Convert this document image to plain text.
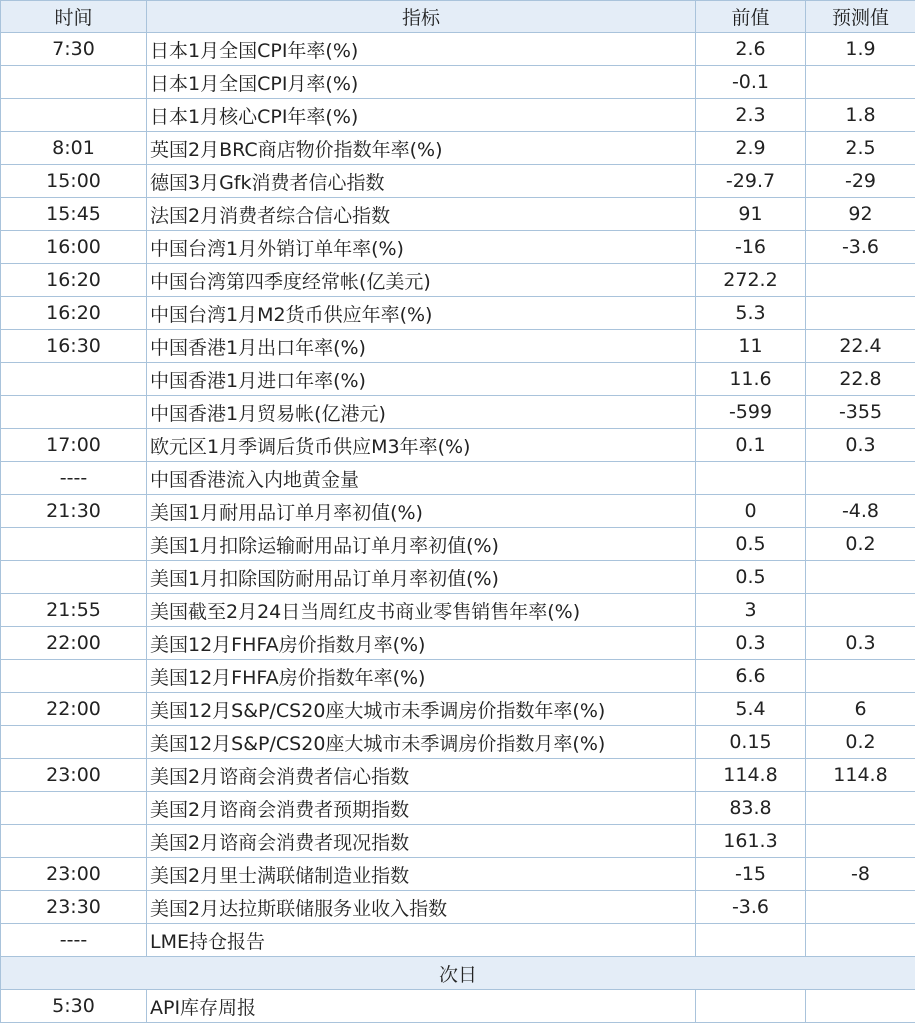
时间	指标	前值	预测值
7:30	日本1月全国CPI年率(%)	2.6	1.9
	日本1月全国CPI月率(%)	-0.1	
	日本1月核心CPI年率(%)	2.3	1.8
8:01	英国2月BRC商店物价指数年率(%)	2.9	2.5
15:00	德国3月Gfk消费者信心指数	-29.7	-29
15:45	法国2月消费者综合信心指数	91	92
16:00	中国台湾1月外销订单年率(%)	-16	-3.6
16:20	中国台湾第四季度经常帐(亿美元)	272.2	
16:20	中国台湾1月M2货币供应年率(%)	5.3	
16:30	中国香港1月出口年率(%)	11	22.4
	中国香港1月进口年率(%)	11.6	22.8
	中国香港1月贸易帐(亿港元)	-599	-355
17:00	欧元区1月季调后货币供应M3年率(%)	0.1	0.3
----	中国香港流入内地黄金量		
21:30	美国1月耐用品订单月率初值(%)	0	-4.8
	美国1月扣除运输耐用品订单月率初值(%)	0.5	0.2
	美国1月扣除国防耐用品订单月率初值(%)	0.5	
21:55	美国截至2月24日当周红皮书商业零售销售年率(%)	3	
22:00	美国12月FHFA房价指数月率(%)	0.3	0.3
	美国12月FHFA房价指数年率(%)	6.6	
22:00	美国12月S&P/CS20座大城市未季调房价指数年率(%)	5.4	6
	美国12月S&P/CS20座大城市未季调房价指数月率(%)	0.15	0.2
23:00	美国2月谘商会消费者信心指数	114.8	114.8
	美国2月谘商会消费者预期指数	83.8	
	美国2月谘商会消费者现况指数	161.3	
23:00	美国2月里士满联储制造业指数	-15	-8
23:30	美国2月达拉斯联储服务业收入指数	-3.6	
----	LME持仓报告		
次日			
5:30	API库存周报		
